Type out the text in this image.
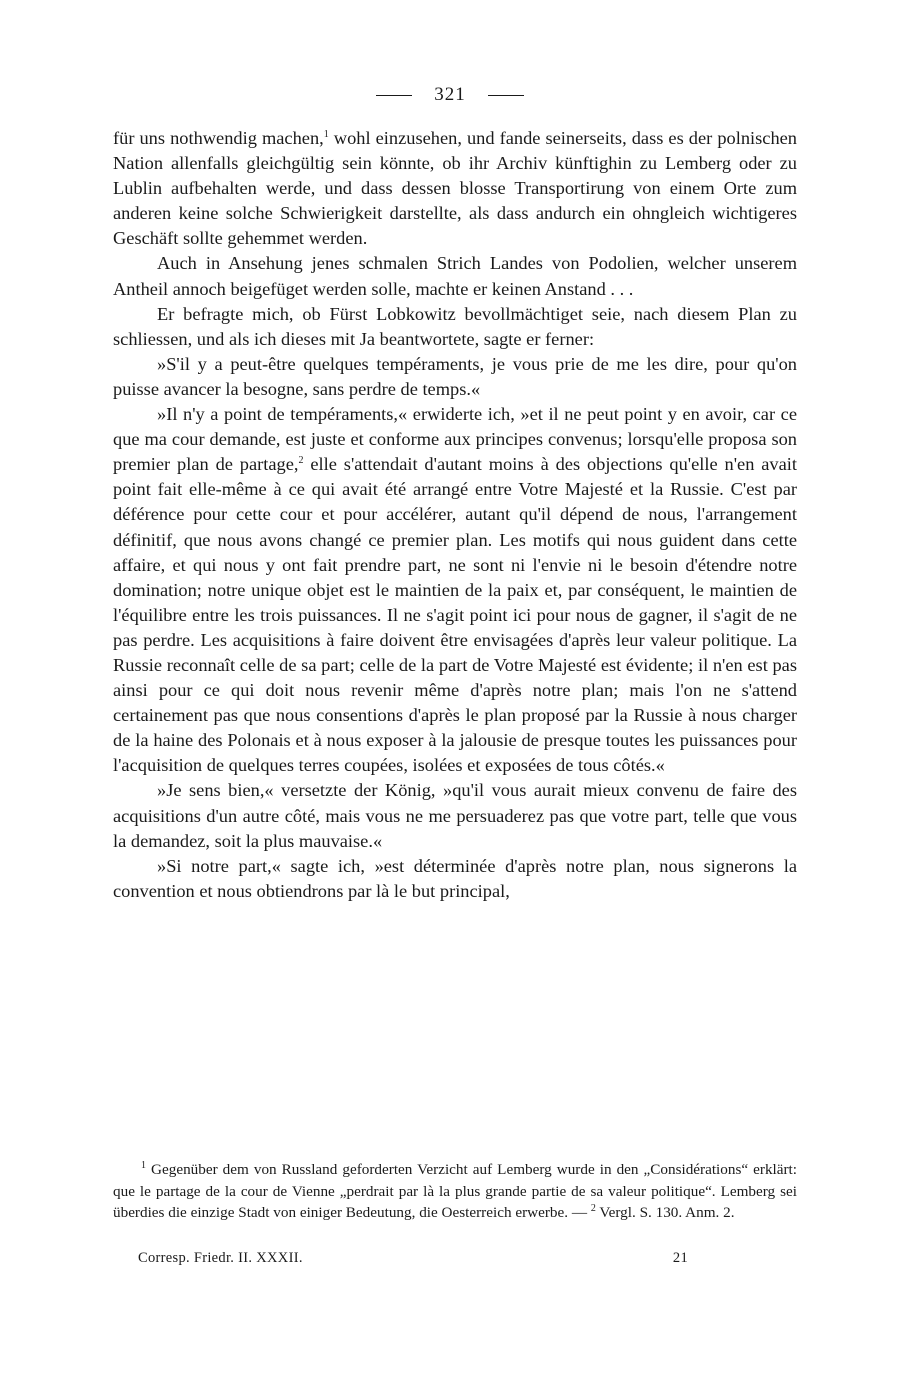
321

für uns nothwendig machen,$^1$ wohl einzusehen, und fande seinerseits, dass es der polnischen Nation allenfalls gleichgültig sein könnte, ob ihr Archiv künftighin zu Lemberg oder zu Lublin aufbehalten werde, und dass dessen blosse Transportirung von einem Orte zum anderen keine solche Schwierigkeit darstellte, als dass andurch ein ohngleich wichtigeres Geschäft sollte gehemmet werden.

Auch in Ansehung jenes schmalen Strich Landes von Podolien, welcher unserem Antheil annoch beigefüget werden solle, machte er keinen Anstand . . .

Er befragte mich, ob Fürst Lobkowitz bevollmächtiget seie, nach diesem Plan zu schliessen, und als ich dieses mit Ja beantwortete, sagte er ferner:

»S'il y a peut-être quelques tempéraments, je vous prie de me les dire, pour qu'on puisse avancer la besogne, sans perdre de temps.«

»Il n'y a point de tempéraments,« erwiderte ich, »et il ne peut point y en avoir, car ce que ma cour demande, est juste et conforme aux principes convenus; lorsqu'elle proposa son premier plan de partage,$^2$ elle s'attendait d'autant moins à des objections qu'elle n'en avait point fait elle-même à ce qui avait été arrangé entre Votre Majesté et la Russie. C'est par déférence pour cette cour et pour accélérer, autant qu'il dépend de nous, l'arrangement définitif, que nous avons changé ce premier plan. Les motifs qui nous guident dans cette affaire, et qui nous y ont fait prendre part, ne sont ni l'envie ni le besoin d'étendre notre domination; notre unique objet est le maintien de la paix et, par conséquent, le maintien de l'équilibre entre les trois puissances. Il ne s'agit point ici pour nous de gagner, il s'agit de ne pas perdre. Les acquisitions à faire doivent être envisagées d'après leur valeur politique. La Russie reconnaît celle de sa part; celle de la part de Votre Majesté est évidente; il n'en est pas ainsi pour ce qui doit nous revenir même d'après notre plan; mais l'on ne s'attend certainement pas que nous consentions d'après le plan proposé par la Russie à nous charger de la haine des Polonais et à nous exposer à la jalousie de presque toutes les puissances pour l'acquisition de quelques terres coupées, isolées et exposées de tous côtés.«

»Je sens bien,« versetzte der König, »qu'il vous aurait mieux convenu de faire des acquisitions d'un autre côté, mais vous ne me persuaderez pas que votre part, telle que vous la demandez, soit la plus mauvaise.«

»Si notre part,« sagte ich, »est déterminée d'après notre plan, nous signerons la convention et nous obtiendrons par là le but principal,

$^1$ Gegenüber dem von Russland geforderten Verzicht auf Lemberg wurde in den „Considérations“ erklärt: que le partage de la cour de Vienne „perdrait par là la plus grande partie de sa valeur politique“. Lemberg sei überdies die einzige Stadt von einiger Bedeutung, die Oesterreich erwerbe. — $^2$ Vergl. S. 130. Anm. 2.

Corresp. Friedr. II. XXXII.	21
